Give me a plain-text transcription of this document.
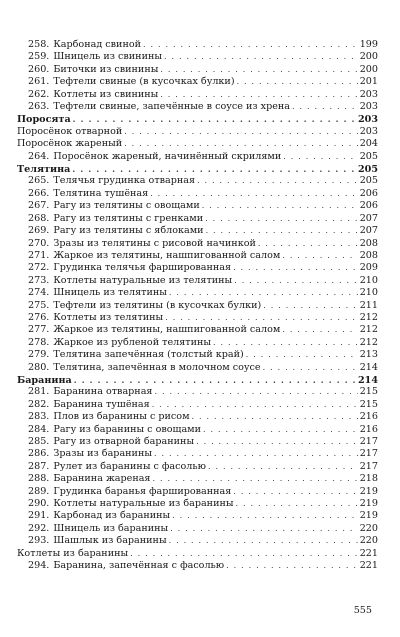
258. Карбонад свиной . . .	199
259. Шницель из свинины . . .	200
260. Биточки из свинины . . .	200
261. Тефтели свиные (в кусочках булки) . . .	201
262. Котлеты из свинины . . .	203
263. Тефтели свиные, запечённые в соусе из хрена . . .	203
Поросята . . .	203
Поросёнок отварной . . .	203
Поросёнок жареный . . .	204
264. Поросёнок жареный, начинённый скрилями . . .	205
Телятина . . .	205
265. Телячья грудинка отварная . . .	205
266. Телятина тушёная . . .	206
267. Рагу из телятины с овощами . . .	206
268. Рагу из телятины с гренками . . .	207
269. Рагу из телятины с яблоками . . .	207
270. Зразы из телятины с рисовой начинкой . . .	208
271. Жаркое из телятины, нашпигованной салом . . .	208
272. Грудинка телячья фаршированная . . .	209
273. Котлеты натуральные из телятины . . .	210
274. Шницель из телятины . . .	210
275. Тефтели из телятины (в кусочках булки) . . .	211
276. Котлеты из телятины . . .	212
277. Жаркое из телятины, нашпигованной салом . . .	212
278. Жаркое из рубленой телятины . . .	212
279. Телятина запечённая (толстый край) . . .	213
280. Телятина, запечённая в молочном соусе . . .	214
Баранина . . .	214
281. Баранина отварная . . .	215
282. Баранина тушёная . . .	215
283. Плов из баранины с рисом . . .	216
284. Рагу из баранины с овощами . . .	216
285. Рагу из отварной баранины . . .	217
286. Зразы из баранины . . .	217
287. Рулет из баранины с фасолью . . .	217
288. Баранина жареная . . .	218
289. Грудинка баранья фаршированная . . .	219
290. Котлеты натуральные из баранины . . .	219
291. Карбонад из баранины . . .	219
292. Шницель из баранины . . .	220
293. Шашлык из баранины . . .	220
Котлеты из баранины . . .	221
294. Баранина, запечённая с фасолью . . .	221
555
